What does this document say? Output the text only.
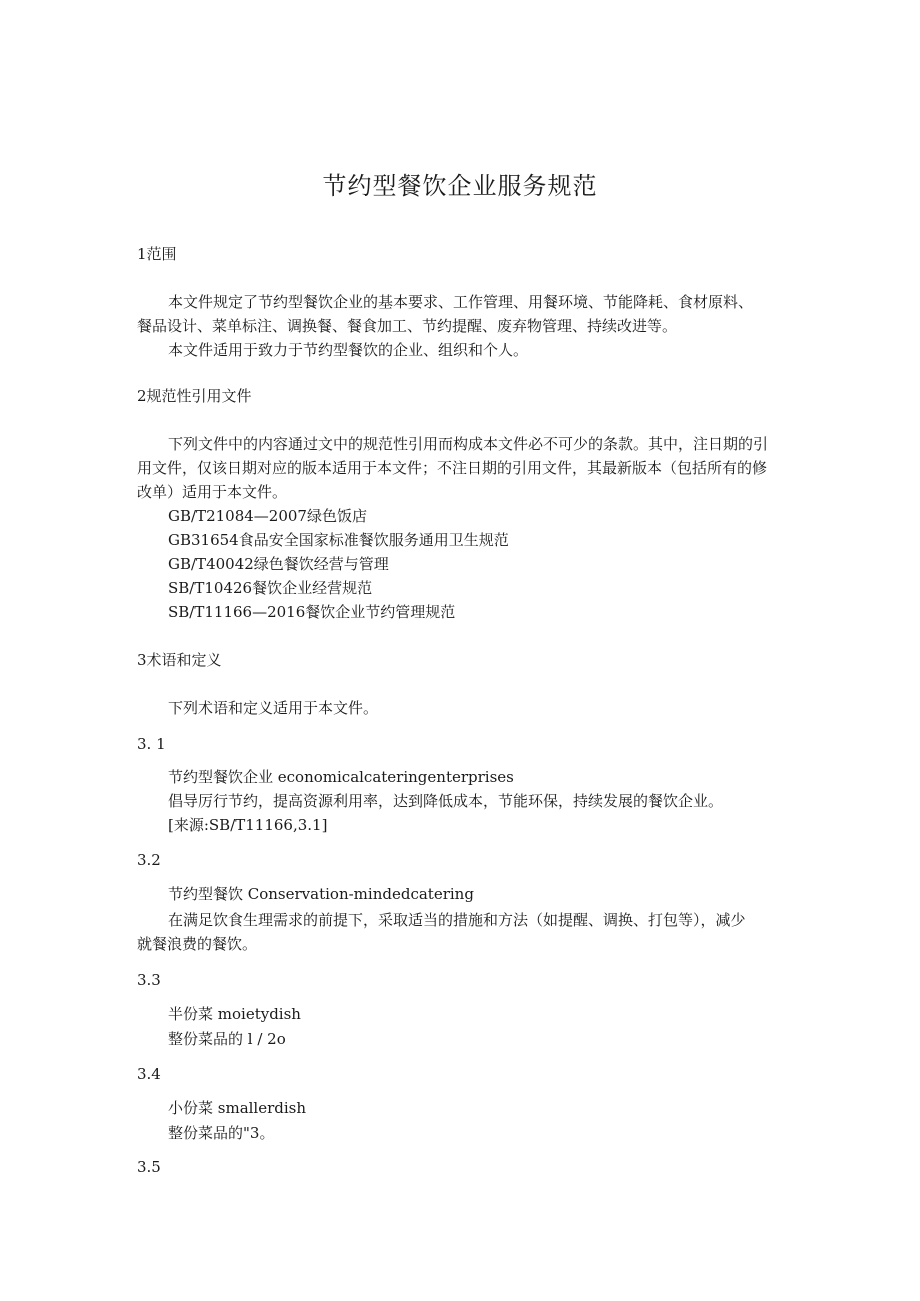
节约型餐饮企业服务规范
1范围
本文件规定了节约型餐饮企业的基本要求、工作管理、用餐环境、节能降耗、食材原料、
餐品设计、菜单标注、调换餐、餐食加工、节约提醒、废弃物管理、持续改进等。
本文件适用于致力于节约型餐饮的企业、组织和个人。
2规范性引用文件
下列文件中的内容通过文中的规范性引用而构成本文件必不可少的条款。其中，注日期的引
用文件，仅该日期对应的版本适用于本文件；不注日期的引用文件，其最新版本（包括所有的修
改单）适用于本文件。
GB/T21084—2007绿色饭店
GB31654食品安全国家标准餐饮服务通用卫生规范
GB/T40042绿色餐饮经营与管理
SB/T10426餐饮企业经营规范
SB/T11166—2016餐饮企业节约管理规范
3术语和定义
下列术语和定义适用于本文件。
3. 1
节约型餐饮企业 economicalcateringenterprises
倡导厉行节约，提高资源利用率，达到降低成本，节能环保，持续发展的餐饮企业。
[来源:SB/T11166,3.1]
3.2
节约型餐饮 Conservation-mindedcatering
在满足饮食生理需求的前提下，采取适当的措施和方法（如提醒、调换、打包等），减少
就餐浪费的餐饮。
3.3
半份菜 moietydish
整份菜品的 l / 2o
3.4
小份菜 smallerdish
整份菜品的"3。
3.5
